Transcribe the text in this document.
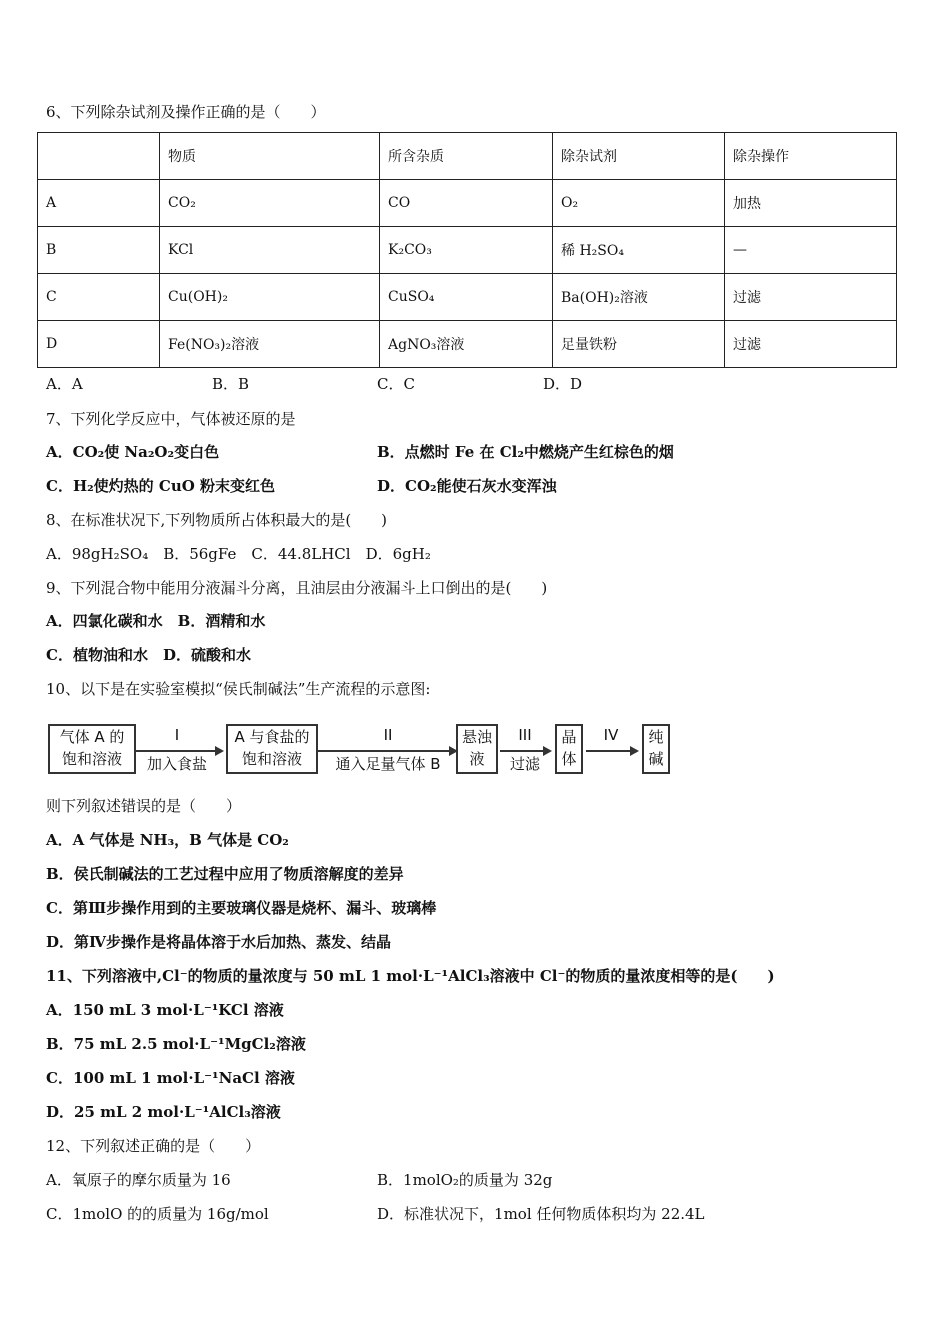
6、下列除杂试剂及操作正确的是（　　）
	物质	所含杂质	除杂试剂	除杂操作
A	CO₂	CO	O₂	加热
B	KCl	K₂CO₃	稀 H₂SO₄	—
C	Cu(OH)₂	CuSO₄	Ba(OH)₂溶液	过滤
D	Fe(NO₃)₂溶液	AgNO₃溶液	足量铁粉	过滤
A．A	B．B	C．C	D．D
7、下列化学反应中，气体被还原的是
A．CO₂使 Na₂O₂变白色	B．点燃时 Fe 在 Cl₂中燃烧产生红棕色的烟
C．H₂使灼热的 CuO 粉末变红色	D．CO₂能使石灰水变浑浊
8、在标准状况下,下列物质所占体积最大的是(　　)
A．98gH₂SO₄　B．56gFe　C．44.8LHCl　D．6gH₂
9、下列混合物中能用分液漏斗分离，且油层由分液漏斗上口倒出的是(　　)
A．四氯化碳和水　B．酒精和水
C．植物油和水　D．硫酸和水
10、以下是在实验室模拟“侯氏制碱法”生产流程的示意图:
气体 A 的
饱和溶液
I
加入食盐
A 与食盐的
饱和溶液
II
通入足量气体 B
悬浊
液
III
过滤
晶
体
IV	纯
碱
则下列叙述错误的是（　　）
A．A 气体是 NH₃，B 气体是 CO₂
B．侯氏制碱法的工艺过程中应用了物质溶解度的差异
C．第Ⅲ步操作用到的主要玻璃仪器是烧杯、漏斗、玻璃棒
D．第Ⅳ步操作是将晶体溶于水后加热、蒸发、结晶
11、下列溶液中,Cl⁻的物质的量浓度与 50 mL 1 mol·L⁻¹AlCl₃溶液中 Cl⁻的物质的量浓度相等的是(　　)
A．150 mL 3 mol·L⁻¹KCl 溶液
B．75 mL 2.5 mol·L⁻¹MgCl₂溶液
C．100 mL 1 mol·L⁻¹NaCl 溶液
D．25 mL 2 mol·L⁻¹AlCl₃溶液
12、下列叙述正确的是（　　）
A．氧原子的摩尔质量为 16	B．1molO₂的质量为 32g
C．1molO 的的质量为 16g/mol	D．标准状况下，1mol 任何物质体积均为 22.4L
